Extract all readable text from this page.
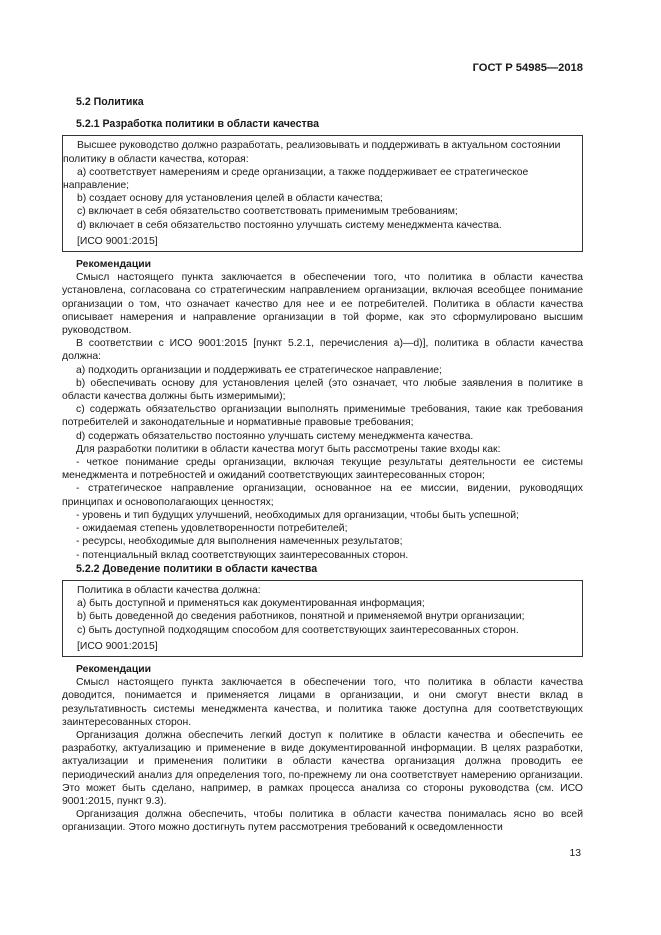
ГОСТ Р 54985—2018
5.2 Политика
5.2.1 Разработка политики в области качества

Высшее руководство должно разработать, реализовывать и поддерживать в актуальном состоянии политику в области качества, которая:

a) соответствует намерениям и среде организации, а также поддерживает ее стратегическое направление;

b) создает основу для установления целей в области качества;

c) включает в себя обязательство соответствовать применимым требованиям;

d) включает в себя обязательство постоянно улучшать систему менеджмента качества.

[ИСО 9001:2015]

Рекомендации

Смысл настоящего пункта заключается в обеспечении того, что политика в области качества установлена, согласована со стратегическим направлением организации, включая всеобщее понимание организации о том, что означает качество для нее и ее потребителей. Политика в области качества описывает намерения и направление организации в той форме, как это сформулировано высшим руководством.

В соответствии с ИСО 9001:2015 [пункт 5.2.1, перечисления a)—d)], политика в области качества должна:

a) подходить организации и поддерживать ее стратегическое направление;

b) обеспечивать основу для установления целей (это означает, что любые заявления в политике в области качества должны быть измеримыми);

c) содержать обязательство организации выполнять применимые требования, такие как требования потребителей и законодательные и нормативные правовые требования;

d) содержать обязательство постоянно улучшать систему менеджмента качества.

Для разработки политики в области качества могут быть рассмотрены такие входы как:

- четкое понимание среды организации, включая текущие результаты деятельности ее системы менеджмента и потребностей и ожиданий соответствующих заинтересованных сторон;

- стратегическое направление организации, основанное на ее миссии, видении, руководящих принципах и основополагающих ценностях;

- уровень и тип будущих улучшений, необходимых для организации, чтобы быть успешной;

- ожидаемая степень удовлетворенности потребителей;

- ресурсы, необходимые для выполнения намеченных результатов;

- потенциальный вклад соответствующих заинтересованных сторон.

5.2.2 Доведение политики в области качества

Политика в области качества должна:

a) быть доступной и применяться как документированная информация;

b) быть доведенной до сведения работников, понятной и применяемой внутри организации;

c) быть доступной подходящим способом для соответствующих заинтересованных сторон.

[ИСО 9001:2015]

Рекомендации

Смысл настоящего пункта заключается в обеспечении того, что политика в области качества доводится, понимается и применяется лицами в организации, и они смогут внести вклад в результативность системы менеджмента качества, и политика также доступна для соответствующих заинтересованных сторон.

Организация должна обеспечить легкий доступ к политике в области качества и обеспечить ее разработку, актуализацию и применение в виде документированной информации. В целях разработки, актуализации и применения политики в области качества организация должна проводить ее периодический анализ для определения того, по-прежнему ли она соответствует намерению организации. Это может быть сделано, например, в рамках процесса анализа со стороны руководства (см. ИСО 9001:2015, пункт 9.3).

Организация должна обеспечить, чтобы политика в области качества понималась ясно во всей организации. Этого можно достигнуть путем рассмотрения требований к осведомленности

13
